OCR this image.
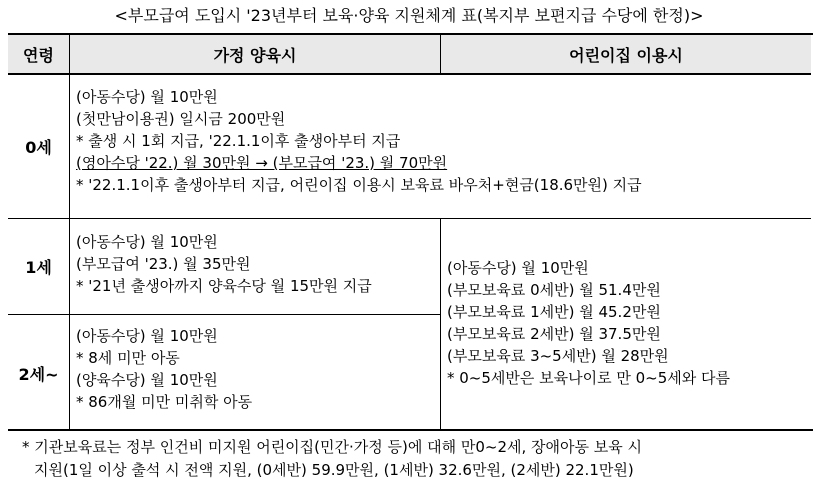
<부모급여 도입시 '23년부터 보육·양육 지원체계 표(복지부 보편지급 수당에 한정)>
연령	가정 양육시	어린이집 이용시
0세
(아동수당) 월 10만원
(첫만남이용권) 일시금 200만원
* 출생 시 1회 지급, '22.1.1이후 출생아부터 지급
(영아수당 '22.) 월 30만원 → (부모급여 '23.) 월 70만원
* '22.1.1이후 출생아부터 지급, 어린이집 이용시 보육료 바우처+현금(18.6만원) 지급
1세
(아동수당) 월 10만원
(부모급여 '23.) 월 35만원
* '21년 출생아까지 양육수당 월 15만원 지급
2세~
(아동수당) 월 10만원
* 8세 미만 아동
(양육수당) 월 10만원
* 86개월 미만 미취학 아동
(아동수당) 월 10만원
(부모보육료 0세반) 월 51.4만원
(부모보육료 1세반) 월 45.2만원
(부모보육료 2세반) 월 37.5만원
(부모보육료 3~5세반) 월 28만원
* 0~5세반은 보육나이로 만 0~5세와 다름
* 기관보육료는 정부 인건비 미지원 어린이집(민간·가정 등)에 대해 만0~2세, 장애아동 보육 시
지원(1일 이상 출석 시 전액 지원, (0세반) 59.9만원, (1세반) 32.6만원, (2세반) 22.1만원)
